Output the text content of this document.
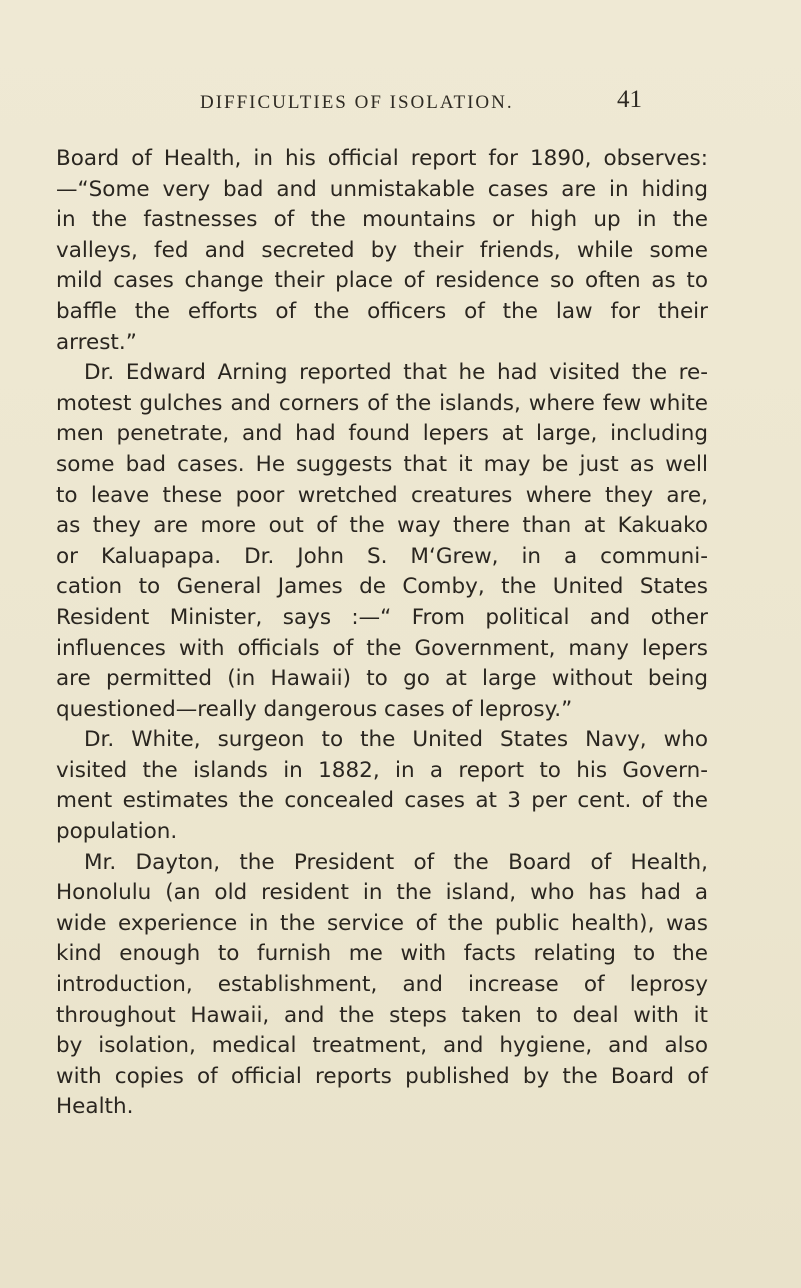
DIFFICULTIES OF ISOLATION.	41
Board of Health, in his official report for 1890, observes:
—“Some very bad and unmistakable cases are in hiding
in the fastnesses of the mountains or high up in the
valleys, fed and secreted by their friends, while some
mild cases change their place of residence so often as to
baffle the efforts of the officers of the law for their
arrest.”
Dr. Edward Arning reported that he had visited the re-
motest gulches and corners of the islands, where few white
men penetrate, and had found lepers at large, including
some bad cases. He suggests that it may be just as well
to leave these poor wretched creatures where they are,
as they are more out of the way there than at Kakuako
or Kaluapapa. Dr. John S. M‘Grew, in a communi-
cation to General James de Comby, the United States
Resident Minister, says :—“ From political and other
influences with officials of the Government, many lepers
are permitted (in Hawaii) to go at large without being
questioned—really dangerous cases of leprosy.”
Dr. White, surgeon to the United States Navy, who
visited the islands in 1882, in a report to his Govern-
ment estimates the concealed cases at 3 per cent. of the
population.
Mr. Dayton, the President of the Board of Health,
Honolulu (an old resident in the island, who has had a
wide experience in the service of the public health), was
kind enough to furnish me with facts relating to the
introduction, establishment, and increase of leprosy
throughout Hawaii, and the steps taken to deal with it
by isolation, medical treatment, and hygiene, and also
with copies of official reports published by the Board of
Health.
